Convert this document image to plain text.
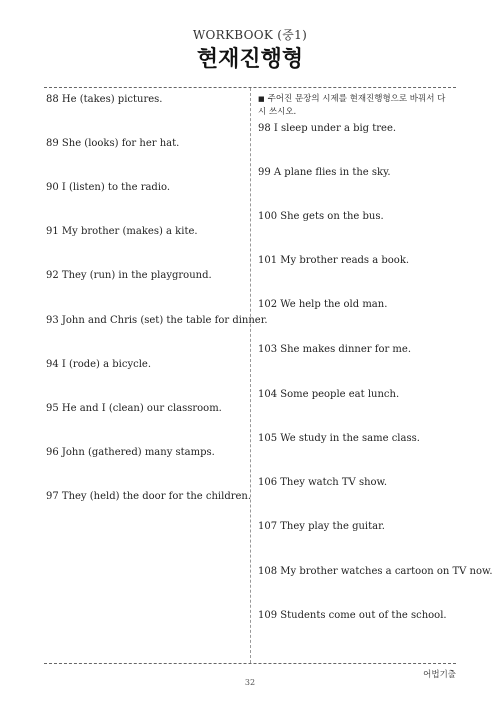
WORKBOOK (중1)
현재진행형
88 He (takes) pictures.
89 She (looks) for her hat.
90 I (listen) to the radio.
91 My brother (makes) a kite.
92 They (run) in the playground.
93 John and Chris (set) the table for dinner.
94 I (rode) a bicycle.
95 He and I (clean) our classroom.
96 John (gathered) many stamps.
97 They (held) the door for the children.
■ 주어진 문장의 시제를 현재진행형으로 바꿔서 다시 쓰시오.
98 I sleep under a big tree.
99 A plane flies in the sky.
100 She gets on the bus.
101 My brother reads a book.
102 We help the old man.
103 She makes dinner for me.
104 Some people eat lunch.
105 We study in the same class.
106 They watch TV show.
107 They play the guitar.
108 My brother watches a cartoon on TV now.
109 Students come out of the school.
어법기출
32
